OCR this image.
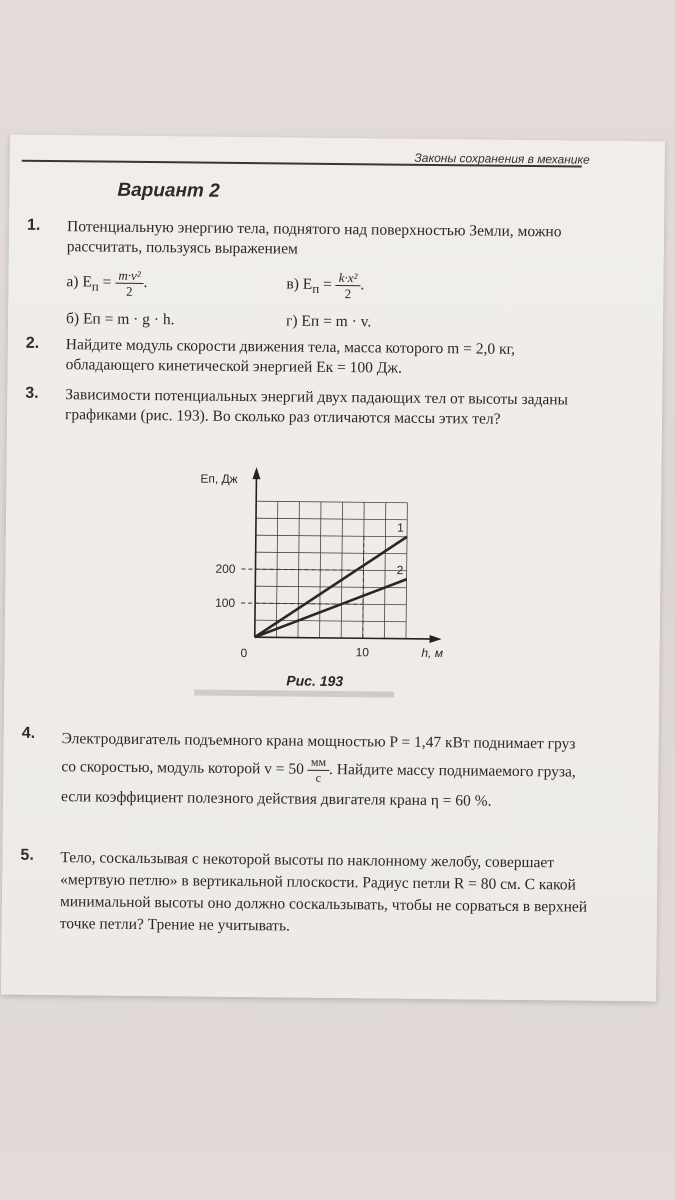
Законы сохранения в механике
Вариант 2
1. Потенциальную энергию тела, поднятого над поверхностью Земли, можно рассчитать, пользуясь выражением
а) $E_п = \frac{\text{m·v²}}{2}$ .	в) $E_п = \frac{\text{k·x²}}{2}$ .
б) Eп = m · g · h.	г) Eп = m · v.
2. Найдите модуль скорости движения тела, масса которого m = 2,0 кг, обладающего кинетической энергией Eк = 100 Дж.
3. Зависимости потенциальных энергий двух падающих тел от высоты заданы графиками (рис. 193). Во сколько раз отличаются массы этих тел?
1
2
0	10
100
200
Eп, Дж
h, м
Рис. 193
4. Электродвигатель подъемного крана мощностью P = 1,47 кВт поднимает груз со скоростью, модуль которой $v = 50 \frac{мм}{с}$ . Найдите массу поднимаемого груза, если коэффициент полезного действия двигателя крана η = 60 %.
5. Тело, соскальзывая с некоторой высоты по наклонному желобу, совершает «мертвую петлю» в вертикальной плоскости. Радиус петли R = 80 см. С какой минимальной высоты оно должно соскальзывать, чтобы не сорваться в верхней точке петли? Трение не учитывать.
